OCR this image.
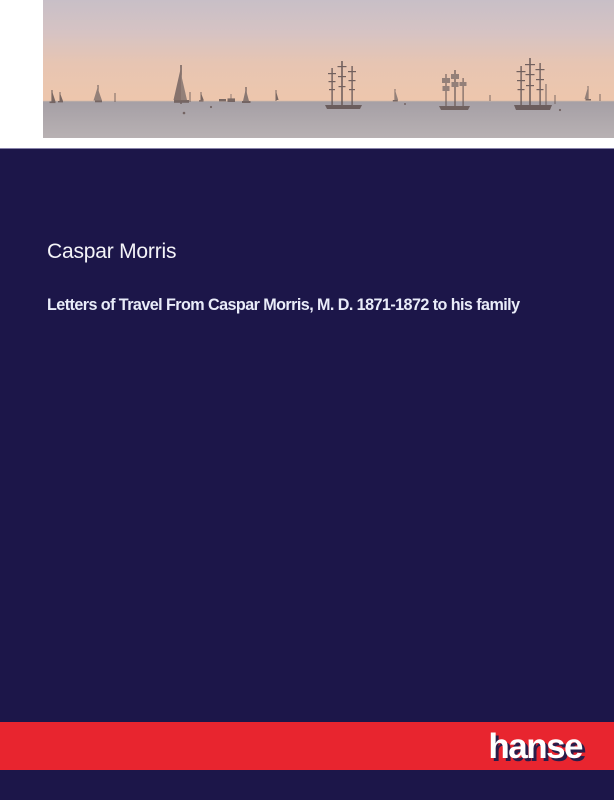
Caspar Morris
Letters of Travel From Caspar Morris, M. D. 1871-1872 to his family
hanse
